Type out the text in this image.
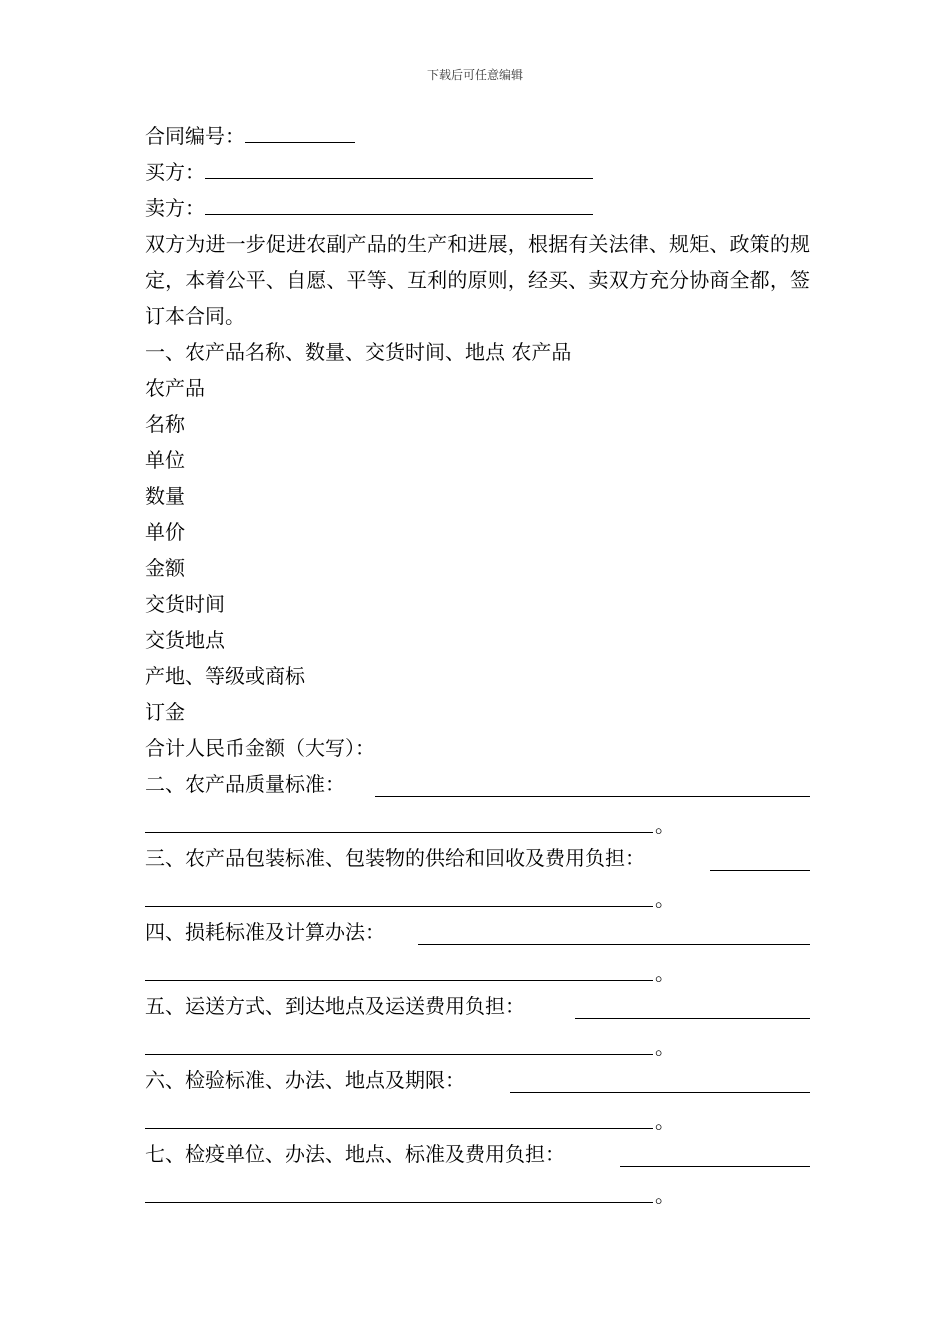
下载后可任意编辑
合同编号：
买方：
卖方：
双方为进一步促进农副产品的生产和进展，根据有关法律、规矩、政策的规定，本着公平、自愿、平等、互利的原则，经买、卖双方充分协商全都，签订本合同。
一、农产品名称、数量、交货时间、地点 农产品
农产品
名称
单位
数量
单价
金额
交货时间
交货地点
产地、等级或商标
订金
合计人民币金额（大写）：
二、农产品质量标准：
。
三、农产品包装标准、包装物的供给和回收及费用负担：
。
四、损耗标准及计算办法：
。
五、运送方式、到达地点及运送费用负担：
。
六、检验标准、办法、地点及期限：
。
七、检疫单位、办法、地点、标准及费用负担：
。
